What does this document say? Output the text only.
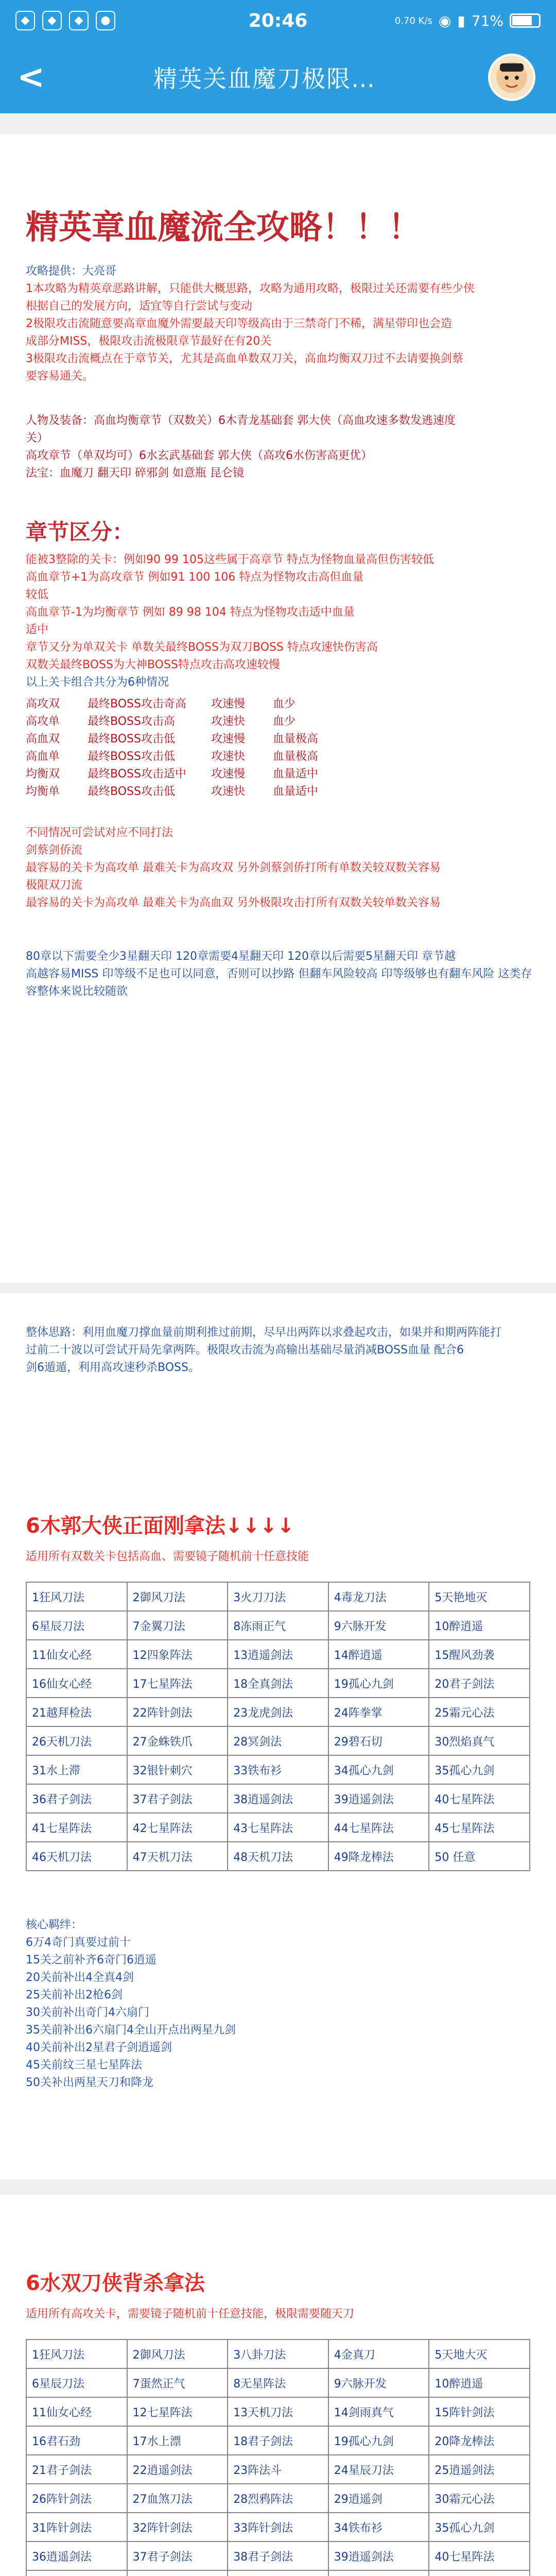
◆	◆	◆	●	20:46	0.70 K/s ◉ ▮ 71%
<	精英关血魔刀极限…
精英章血魔流全攻略！！！
攻略提供：大亮哥
1本攻略为精英章恶路讲解，只能供大概思路，攻略为通用攻略，极限过关还需要有些少侠
根据自己的发展方向，适宜等自行尝试与变动
2极限攻击流随意要高章血魔外需要最天印等级高由于三禁奇门不稀，满星带印也会造
成部分MISS，极限攻击流极限章节最好在有20关
3极限攻击流概点在于章节关，尤其是高血单数双刀关，高血均衡双刀过不去请要换剑蔡
要容易通关。
人物及装备：高血均衡章节（双数关）6木青龙基础套 郭大侠（高血攻速多数发逃速度
关）
高攻章节（单双均可）6水玄武基础套 郭大侠（高攻6水伤害高更优）
法宝：血魔刀 翻天印 碎邪剑 如意瓶 昆仑镜
章节区分：
能被3整除的关卡：例如90 99 105这些属于高章节 特点为怪物血量高但伤害较低
高血章节+1为高攻章节 例如91 100 106 特点为怪物攻击高但血量
较低
高血章节-1为均衡章节 例如 89 98 104 特点为怪物攻击适中血量
适中
章节又分为单双关卡 单数关最终BOSS为双刀BOSS 特点攻速快伤害高
双数关最终BOSS为大神BOSS特点攻击高攻速较慢
以上关卡组合共分为6种情况
高攻双 最终BOSS攻击奇高 攻速慢 血少
高攻单 最终BOSS攻击高	攻速快 血少
高血双 最终BOSS攻击低	攻速慢 血量极高
高血单 最终BOSS攻击低	攻速快 血量极高
均衡双 最终BOSS攻击适中 攻速慢 血量适中
均衡单 最终BOSS攻击低	攻速快 血量适中
不同情况可尝试对应不同打法
剑蔡剑侨流
最容易的关卡为高攻单 最难关卡为高攻双 另外剑蔡剑侨打所有单数关较双数关容易
极限双刀流
最容易的关卡为高攻单 最难关卡为高血双 另外极限攻击打所有双数关较单数关容易
80章以下需要全少3星翻天印 120章需要4星翻天印 120章以后需要5星翻天印 章节越
高越容易MISS 印等级不足也可以同意，否则可以抄路 但翻车风险较高 印等级够也有翻车风险 这类存
容整体来说比较随欲
整体思路：利用血魔刀撑血量前期利推过前期，尽早出两阵以求叠起攻击，如果并和期两阵能打
过前二十波以可尝试开局先拿两阵。极限攻击流为高输出基础尽量消减BOSS血量 配合6
剑6遁遁，利用高攻速秒杀BOSS。
6木郭大侠正面刚拿法↓↓↓↓
适用所有双数关卡包括高血、需要镜子随机前十任意技能
1狂风刀法	2御风刀法	3火刀刀法	4毒龙刀法	5天艳地灭
6星辰刀法	7金翼刀法	8冻雨正气	9六脉开发	10醉逍遥
11仙女心经	12四象阵法	13逍遥剑法	14醉逍遥	15醒风劲袭
16仙女心经	17七星阵法	18全真剑法	19孤心九剑	20君子剑法
21越拜检法	22阵针剑法	23龙虎剑法	24阵拳掌	25霜元心法
26天机刀法	27金蛛铁爪	28冥剑法	29碧石切	30烈焰真气
31水上滞	32银针刺穴	33铁布衫	34孤心九剑	35孤心九剑
36君子剑法	37君子剑法	38逍遥剑法	39逍遥剑法	40七星阵法
41七星阵法	42七星阵法	43七星阵法	44七星阵法	45七星阵法
46天机刀法	47天机刀法	48天机刀法	49降龙棒法	50 任意
核心羁绊：
6万4奇门真要过前十
15关之前补齐6奇门6逍遥
20关前补出4全真4剑
25关前补出2枪6剑
30关前补出奇门4六扇门
35关前补出6六扇门4全山开点出两星九剑
40关前补出2星君子剑逍遥剑
45关前纹三星七星阵法
50关补出两星天刀和降龙
6水双刀侠背杀拿法
适用所有高攻关卡，需要镜子随机前十任意技能，极限需要随天刀
1狂风刀法	2御风刀法	3八卦刀法	4金真刀	5天地大灭
6星辰刀法	7蛋然正气	8无星阵法	9六脉开发	10醉逍遥
11仙女心经	12七星阵法	13天机刀法	14剑雨真气	15阵针剑法
16君石劲	17水上漂	18君子剑法	19孤心九剑	20降龙棒法
21君子剑法	22逍遥剑法	23阵法斗	24星辰刀法	25逍遥剑法
26阵针剑法	27血煞刀法	28烈鸦阵法	29逍遥剑	30霜元心法
31阵针剑法	32阵针剑法	33阵针剑法	34铁布衫	35孤心九剑
36逍遥剑法	37君子剑法	38君子剑法	39逍遥剑法	40七星阵法
